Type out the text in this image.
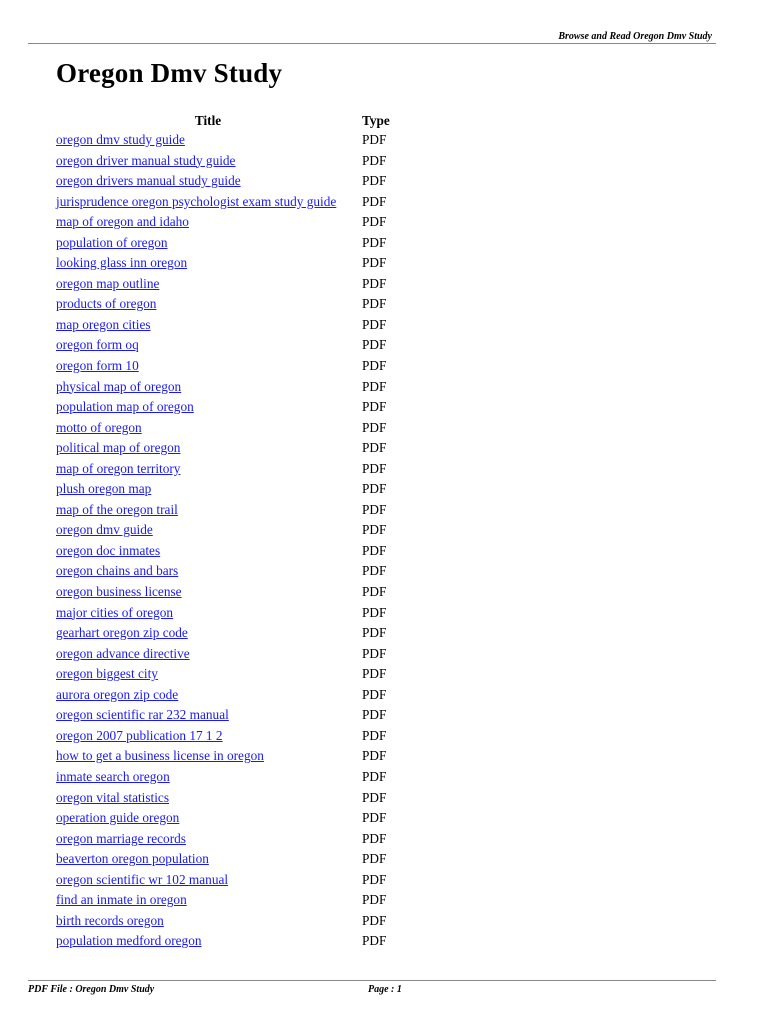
Browse and Read Oregon Dmv Study
Oregon Dmv Study
Title	Type
oregon dmv study guide	PDF
oregon driver manual study guide	PDF
oregon drivers manual study guide	PDF
jurisprudence oregon psychologist exam study guide	PDF
map of oregon and idaho	PDF
population of oregon	PDF
looking glass inn oregon	PDF
oregon map outline	PDF
products of oregon	PDF
map oregon cities	PDF
oregon form oq	PDF
oregon form 10	PDF
physical map of oregon	PDF
population map of oregon	PDF
motto of oregon	PDF
political map of oregon	PDF
map of oregon territory	PDF
plush oregon map	PDF
map of the oregon trail	PDF
oregon dmv guide	PDF
oregon doc inmates	PDF
oregon chains and bars	PDF
oregon business license	PDF
major cities of oregon	PDF
gearhart oregon zip code	PDF
oregon advance directive	PDF
oregon biggest city	PDF
aurora oregon zip code	PDF
oregon scientific rar 232 manual	PDF
oregon 2007 publication 17 1 2	PDF
how to get a business license in oregon	PDF
inmate search oregon	PDF
oregon vital statistics	PDF
operation guide oregon	PDF
oregon marriage records	PDF
beaverton oregon population	PDF
oregon scientific wr 102 manual	PDF
find an inmate in oregon	PDF
birth records oregon	PDF
population medford oregon	PDF
PDF File : Oregon Dmv Study	Page : 1
